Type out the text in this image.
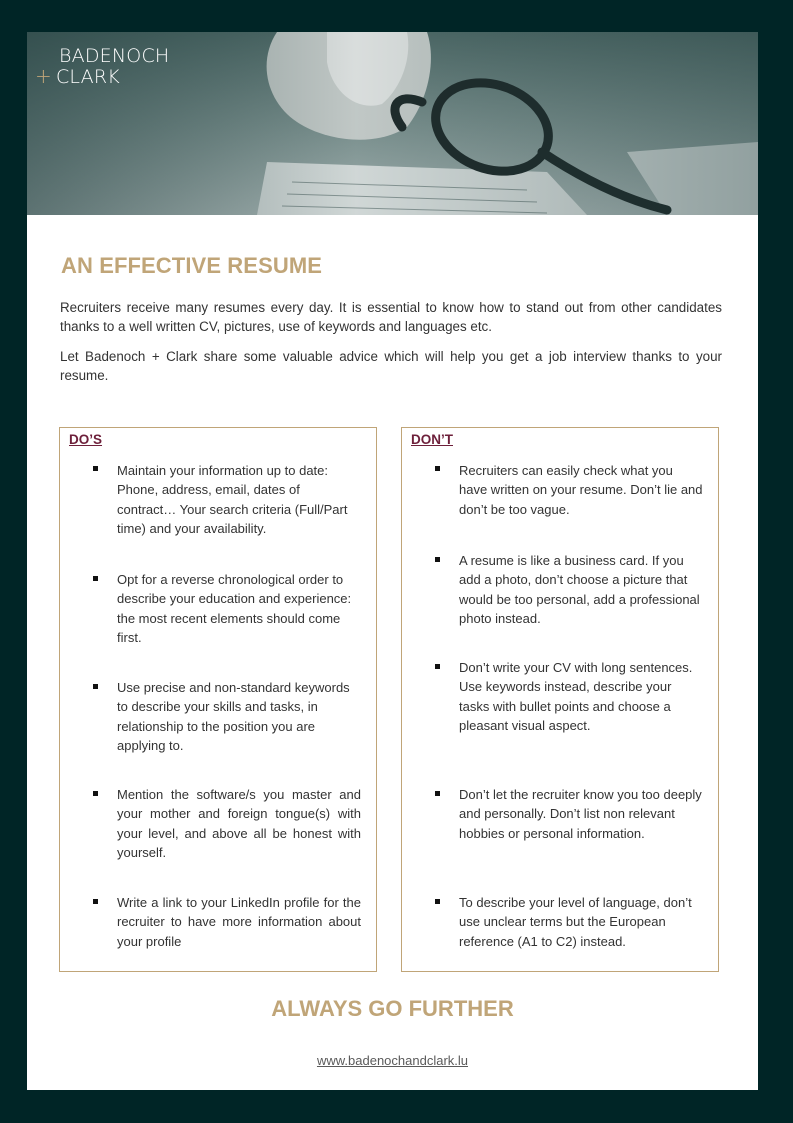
BADENOCH
+ CLARK
AN EFFECTIVE RESUME

Recruiters receive many resumes every day. It is essential to know how to stand out from other candidates thanks to a well written CV, pictures, use of keywords and languages etc.

Let Badenoch + Clark share some valuable advice which will help you get a job interview thanks to your resume.

DO’S
Maintain your information up to date: Phone, address, email, dates of contract… Your search criteria (Full/Part time) and your availability.
Opt for a reverse chronological order to describe your education and experience: the most recent elements should come first.
Use precise and non-standard keywords to describe your skills and tasks, in relationship to the position you are applying to.
Mention the software/s you master and your mother and foreign tongue(s) with your level, and above all be honest with yourself.
Write a link to your LinkedIn profile for the recruiter to have more information about your profile
DON’T
Recruiters can easily check what you have written on your resume. Don’t lie and don’t be too vague.
A resume is like a business card. If you add a photo, don’t choose a picture that would be too personal, add a professional photo instead.
Don’t write your CV with long sentences. Use keywords instead, describe your tasks with bullet points and choose a pleasant visual aspect.
Don’t let the recruiter know you too deeply and personally. Don’t list non relevant hobbies or personal information.
To describe your level of language, don’t use unclear terms but the European reference (A1 to C2) instead.
ALWAYS GO FURTHER
www.badenochandclark.lu
